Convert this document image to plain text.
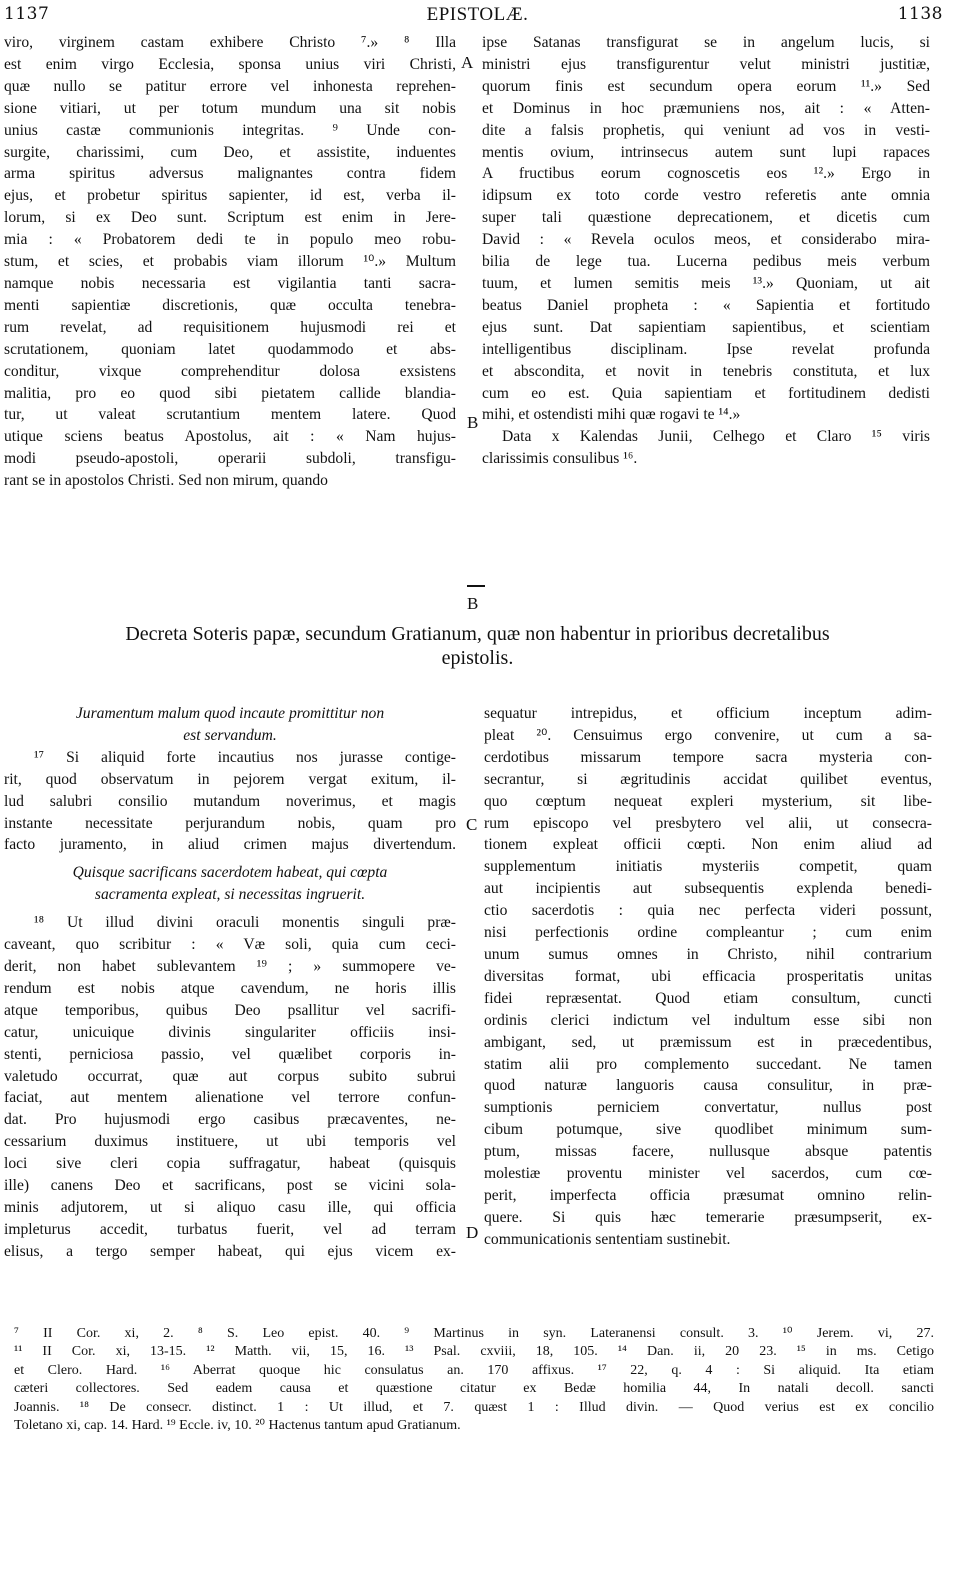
1137	EPISTOLÆ.	1138
viro, virginem castam exhibere Christo ⁷.» ⁸ Illa
est enim virgo Ecclesia, sponsa unius viri Christi,
quæ nullo se patitur errore vel inhonesta reprehen-
sione vitiari, ut per totum mundum una sit nobis
unius castæ communionis integritas. ⁹ Unde con-
surgite, charissimi, cum Deo, et assistite, induentes
arma spiritus adversus malignantes contra fidem
ejus, et probetur spiritus sapienter, id est, verba il-
lorum, si ex Deo sunt. Scriptum est enim in Jere-
mia : « Probatorem dedi te in populo meo robu-
stum, et scies, et probabis viam illorum ¹⁰.» Multum
namque nobis necessaria est vigilantia tanti sacra-
menti sapientiæ discretionis, quæ occulta tenebra-
rum revelat, ad requisitionem hujusmodi rei et
scrutationem, quoniam latet quodammodo et abs-
conditur, vixque comprehenditur dolosa exsistens
malitia, pro eo quod sibi pietatem callide blandia-
tur, ut valeat scrutantium mentem latere. Quod
utique sciens beatus Apostolus, ait : « Nam hujus-
modi pseudo-apostoli, operarii subdoli, transfigu-
rant se in apostolos Christi. Sed non mirum, quando
A
B
ipse Satanas transfigurat se in angelum lucis, si
ministri ejus transfigurentur velut ministri justitiæ,
quorum finis est secundum opera eorum ¹¹.» Sed
et Dominus in hoc præmuniens nos, ait : « Atten-
dite a falsis prophetis, qui veniunt ad vos in vesti-
mentis ovium, intrinsecus autem sunt lupi rapaces
A fructibus eorum cognoscetis eos ¹².» Ergo in
idipsum ex toto corde vestro referetis ante omnia
super tali quæstione deprecationem, et dicetis cum
David : « Revela oculos meos, et considerabo mira-
bilia de lege tua. Lucerna pedibus meis verbum
tuum, et lumen semitis meis ¹³.» Quoniam, ut ait
beatus Daniel propheta : « Sapientia et fortitudo
ejus sunt. Dat sapientiam sapientibus, et scientiam
intelligentibus disciplinam. Ipse revelat profunda
et abscondita, et novit in tenebris constituta, et lux
cum eo est. Quia sapientiam et fortitudinem dedisti
mihi, et ostendisti mihi quæ rogavi te ¹⁴.»
Data x Kalendas Junii, Celhego et Claro ¹⁵ viris
clarissimis consulibus ¹⁶.
B
Decreta Soteris papæ, secundum Gratianum, quæ non habentur in prioribus decretalibus
epistolis.
Juramentum malum quod incaute promittitur non
est servandum.
¹⁷ Si aliquid forte incautius nos jurasse contige-
rit, quod observatum in pejorem vergat exitum, il-
lud salubri consilio mutandum noverimus, et magis
instante necessitate perjurandum nobis, quam pro
facto juramento, in aliud crimen majus divertendum.
Quisque sacrificans sacerdotem habeat, qui cœpta
sacramenta expleat, si necessitas ingruerit.
¹⁸ Ut illud divini oraculi monentis singuli præ-
caveant, quo scribitur : « Væ soli, quia cum ceci-
derit, non habet sublevantem ¹⁹ ; » summopere ve-
rendum est nobis atque cavendum, ne horis illis
atque temporibus, quibus Deo psallitur vel sacrifi-
catur, unicuique divinis singulariter officiis insi-
stenti, perniciosa passio, vel quælibet corporis in-
valetudo occurrat, quæ aut corpus subito subrui
faciat, aut mentem alienatione vel terrore confun-
dat. Pro hujusmodi ergo casibus præcaventes, ne-
cessarium duximus instituere, ut ubi temporis vel
loci sive cleri copia suffragatur, habeat (quisquis
ille) canens Deo et sacrificans, post se vicini sola-
minis adjutorem, ut si aliquo casu ille, qui officia
impleturus accedit, turbatus fuerit, vel ad terram
elisus, a tergo semper habeat, qui ejus vicem ex-
C
D
sequatur intrepidus, et officium inceptum adim-
pleat ²⁰. Censuimus ergo convenire, ut cum a sa-
cerdotibus missarum tempore sacra mysteria con-
secrantur, si ægritudinis accidat quilibet eventus,
quo cœptum nequeat expleri mysterium, sit libe-
rum episcopo vel presbytero vel alii, ut consecra-
tionem expleat officii cœpti. Non enim aliud ad
supplementum initiatis mysteriis competit, quam
aut incipientis aut subsequentis explenda benedi-
ctio sacerdotis : quia nec perfecta videri possunt,
nisi perfectionis ordine compleantur ; cum enim
unum sumus omnes in Christo, nihil contrarium
diversitas format, ubi efficacia prosperitatis unitas
fidei repræsentat. Quod etiam consultum, cuncti
ordinis clerici indictum vel indultum esse sibi non
ambigant, sed, ut præmissum est in præcedentibus,
statim alii pro complemento succedant. Ne tamen
quod naturæ languoris causa consulitur, in præ-
sumptionis perniciem convertatur, nullus post
cibum potumque, sive quodlibet minimum sum-
ptum, missas facere, nullusque absque patentis
molestiæ proventu minister vel sacerdos, cum cœ-
perit, imperfecta officia præsumat omnino relin-
quere. Si quis hæc temerarie præsumpserit, ex-
communicationis sententiam sustinebit.
⁷ II Cor. xi, 2. ⁸ S. Leo epist. 40. ⁹ Martinus in syn. Lateranensi consult. 3. ¹⁰ Jerem. vi, 27.
¹¹ II Cor. xi, 13-15. ¹² Matth. vii, 15, 16. ¹³ Psal. cxviii, 18, 105. ¹⁴ Dan. ii, 20 23. ¹⁵ in ms. Cetigo
et Clero. Hard. ¹⁶ Aberrat quoque hic consulatus an. 170 affixus. ¹⁷ 22, q. 4 : Si aliquid. Ita etiam
cæteri collectores. Sed eadem causa et quæstione citatur ex Bedæ homilia 44, In natali decoll. sancti
Joannis. ¹⁸ De consecr. distinct. 1 : Ut illud, et 7. quæst 1 : Illud divin. — Quod verius est ex concilio
Toletano xi, cap. 14. Hard. ¹⁹ Eccle. iv, 10. ²⁰ Hactenus tantum apud Gratianum.
